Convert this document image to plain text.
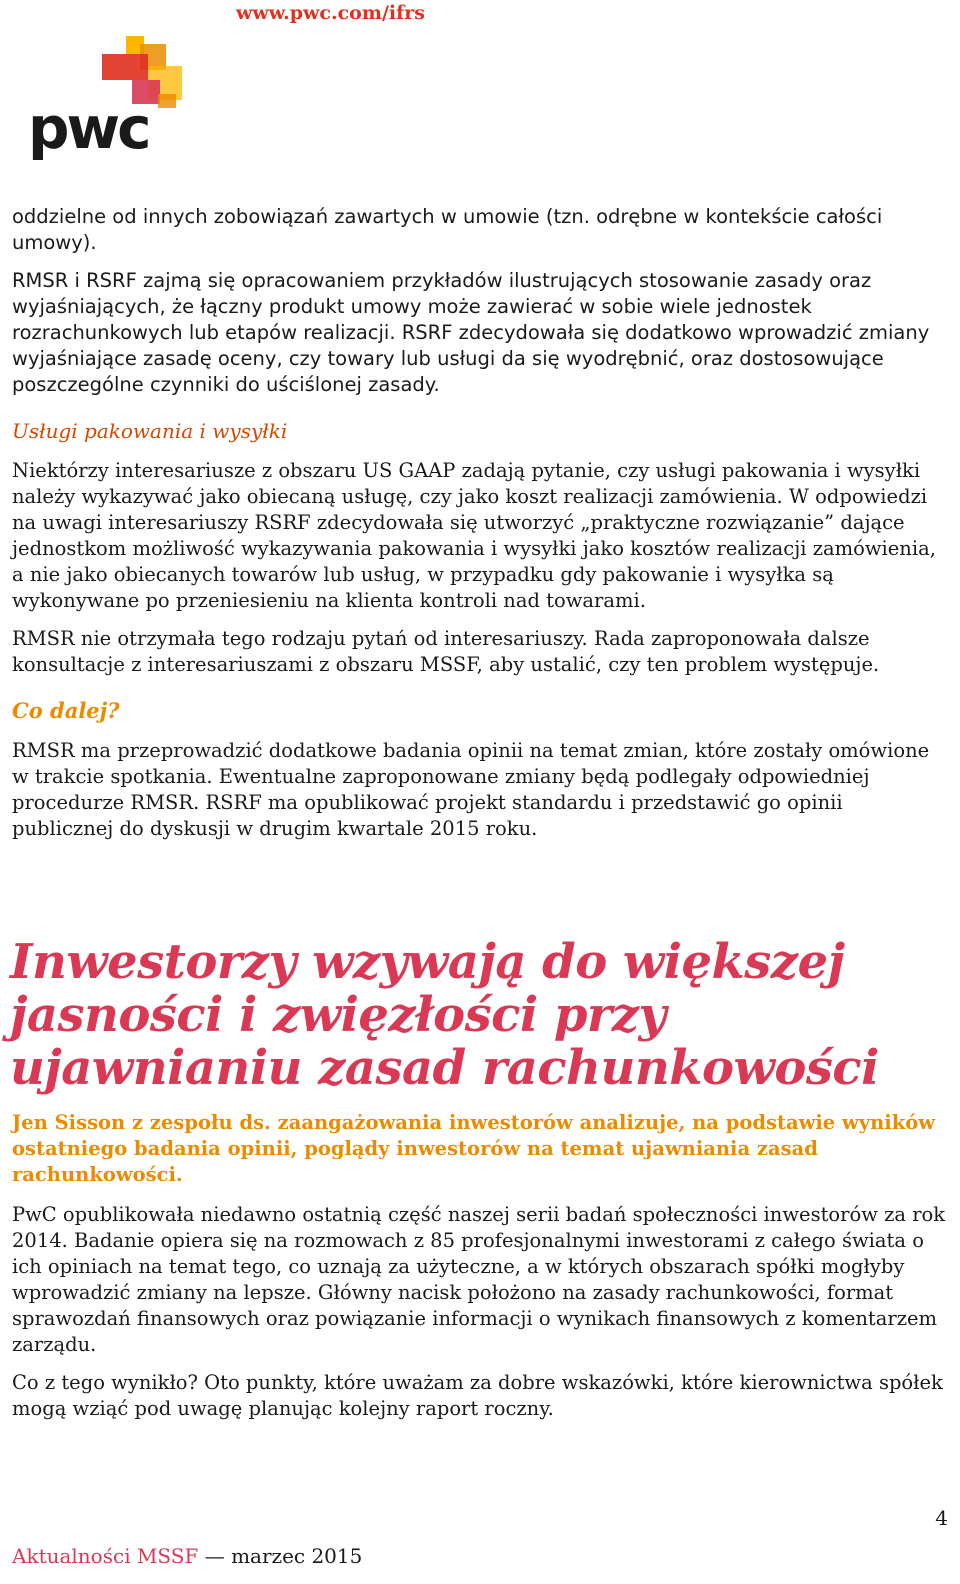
www.pwc.com/ifrs
pwc

oddzielne od innych zobowiązań zawartych w umowie (tzn. odrębne w kontekście całości umowy).

RMSR i RSRF zajmą się opracowaniem przykładów ilustrujących stosowanie zasady oraz wyjaśniających, że łączny produkt umowy może zawierać w sobie wiele jednostek rozrachunkowych lub etapów realizacji. RSRF zdecydowała się dodatkowo wprowadzić zmiany wyjaśniające zasadę oceny, czy towary lub usługi da się wyodrębnić, oraz dostosowujące poszczególne czynniki do uściślonej zasady.

Usługi pakowania i wysyłki

Niektórzy interesariusze z obszaru US GAAP zadają pytanie, czy usługi pakowania i wysyłki należy wykazywać jako obiecaną usługę, czy jako koszt realizacji zamówienia. W odpowiedzi na uwagi interesariuszy RSRF zdecydowała się utworzyć „praktyczne rozwiązanie” dające jednostkom możliwość wykazywania pakowania i wysyłki jako kosztów realizacji zamówienia, a nie jako obiecanych towarów lub usług, w przypadku gdy pakowanie i wysyłka są wykonywane po przeniesieniu na klienta kontroli nad towarami.

RMSR nie otrzymała tego rodzaju pytań od interesariuszy. Rada zaproponowała dalsze konsultacje z interesariuszami z obszaru MSSF, aby ustalić, czy ten problem występuje.

Co dalej?

RMSR ma przeprowadzić dodatkowe badania opinii na temat zmian, które zostały omówione w trakcie spotkania. Ewentualne zaproponowane zmiany będą podlegały odpowiedniej procedurze RMSR. RSRF ma opublikować projekt standardu i przedstawić go opinii publicznej do dyskusji w drugim kwartale 2015 roku.

Inwestorzy wzywają do większej jasności i zwięzłości przy ujawnianiu zasad rachunkowości

Jen Sisson z zespołu ds. zaangażowania inwestorów analizuje, na podstawie wyników ostatniego badania opinii, poglądy inwestorów na temat ujawniania zasad rachunkowości.

PwC opublikowała niedawno ostatnią część naszej serii badań społeczności inwestorów za rok 2014. Badanie opiera się na rozmowach z 85 profesjonalnymi inwestorami z całego świata o ich opiniach na temat tego, co uznają za użyteczne, a w których obszarach spółki mogłyby wprowadzić zmiany na lepsze. Główny nacisk położono na zasady rachunkowości, format sprawozdań finansowych oraz powiązanie informacji o wynikach finansowych z komentarzem zarządu.

Co z tego wynikło? Oto punkty, które uważam za dobre wskazówki, które kierownictwa spółek mogą wziąć pod uwagę planując kolejny raport roczny.

4
Aktualności MSSF — marzec 2015
